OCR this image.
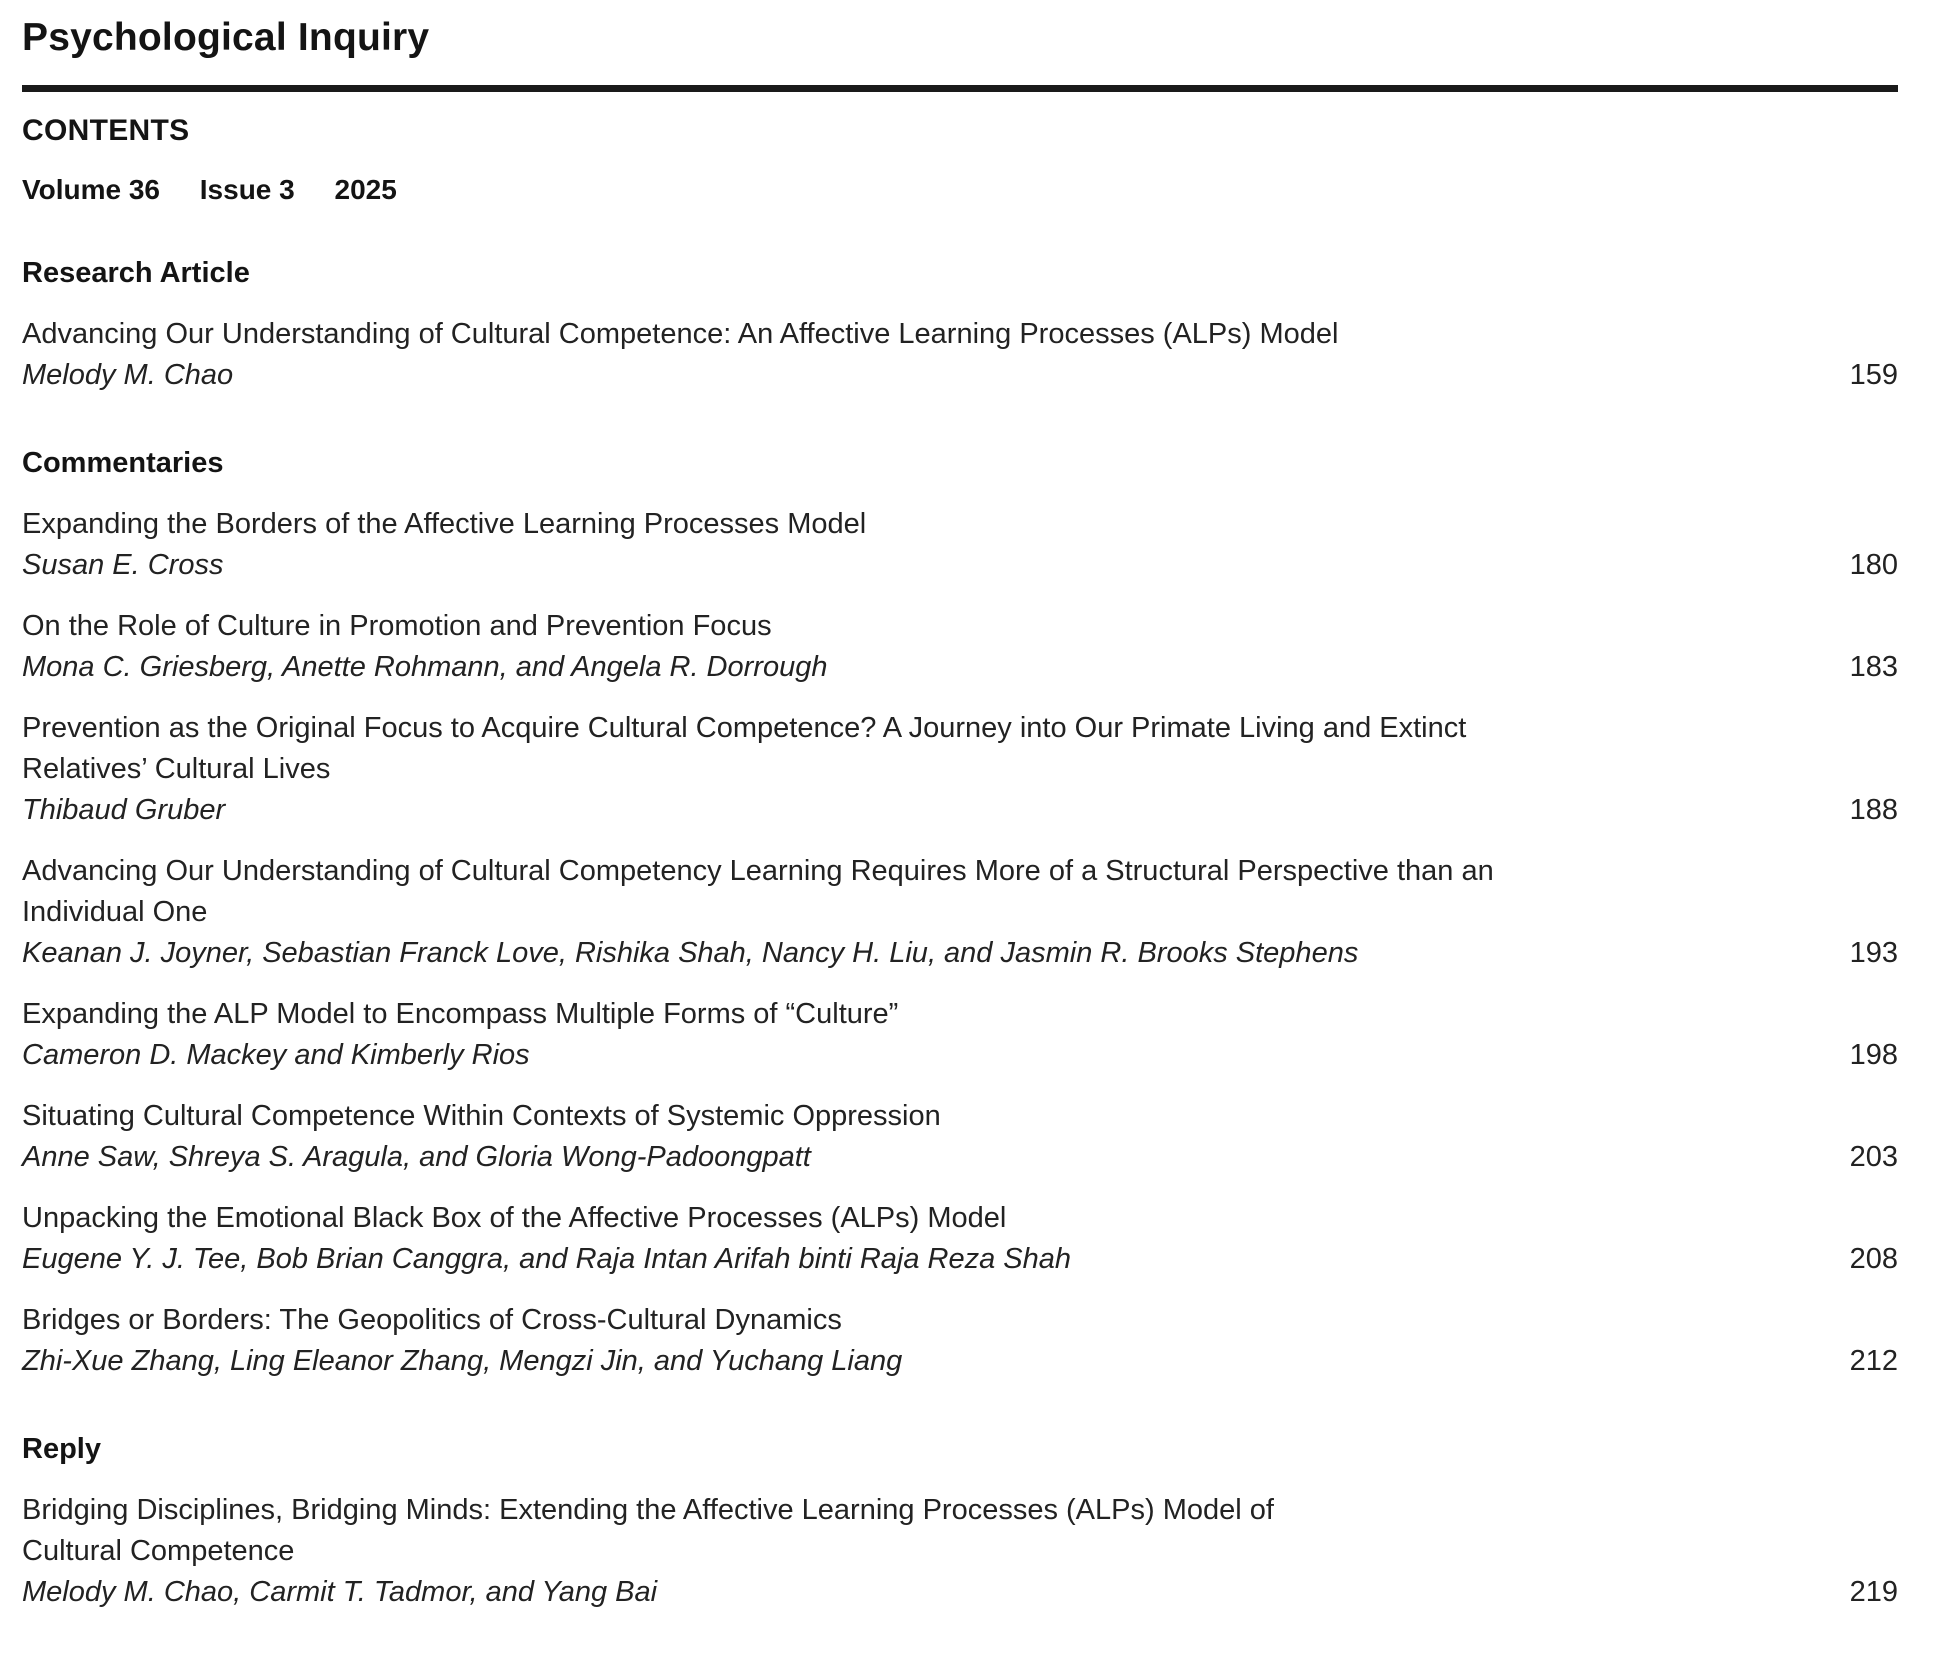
Psychological Inquiry
CONTENTS
Volume 36 Issue 3 2025
Research Article
Advancing Our Understanding of Cultural Competence: An Affective Learning Processes (ALPs) Model
Melody M. Chao	159
Commentaries
Expanding the Borders of the Affective Learning Processes Model
Susan E. Cross	180
On the Role of Culture in Promotion and Prevention Focus
Mona C. Griesberg, Anette Rohmann, and Angela R. Dorrough	183
Prevention as the Original Focus to Acquire Cultural Competence? A Journey into Our Primate Living and Extinct
Relatives’ Cultural Lives
Thibaud Gruber	188
Advancing Our Understanding of Cultural Competency Learning Requires More of a Structural Perspective than an
Individual One
Keanan J. Joyner, Sebastian Franck Love, Rishika Shah, Nancy H. Liu, and Jasmin R. Brooks Stephens	193
Expanding the ALP Model to Encompass Multiple Forms of “Culture”
Cameron D. Mackey and Kimberly Rios	198
Situating Cultural Competence Within Contexts of Systemic Oppression
Anne Saw, Shreya S. Aragula, and Gloria Wong-Padoongpatt	203
Unpacking the Emotional Black Box of the Affective Processes (ALPs) Model
Eugene Y. J. Tee, Bob Brian Canggra, and Raja Intan Arifah binti Raja Reza Shah	208
Bridges or Borders: The Geopolitics of Cross-Cultural Dynamics
Zhi-Xue Zhang, Ling Eleanor Zhang, Mengzi Jin, and Yuchang Liang	212
Reply
Bridging Disciplines, Bridging Minds: Extending the Affective Learning Processes (ALPs) Model of
Cultural Competence
Melody M. Chao, Carmit T. Tadmor, and Yang Bai	219
